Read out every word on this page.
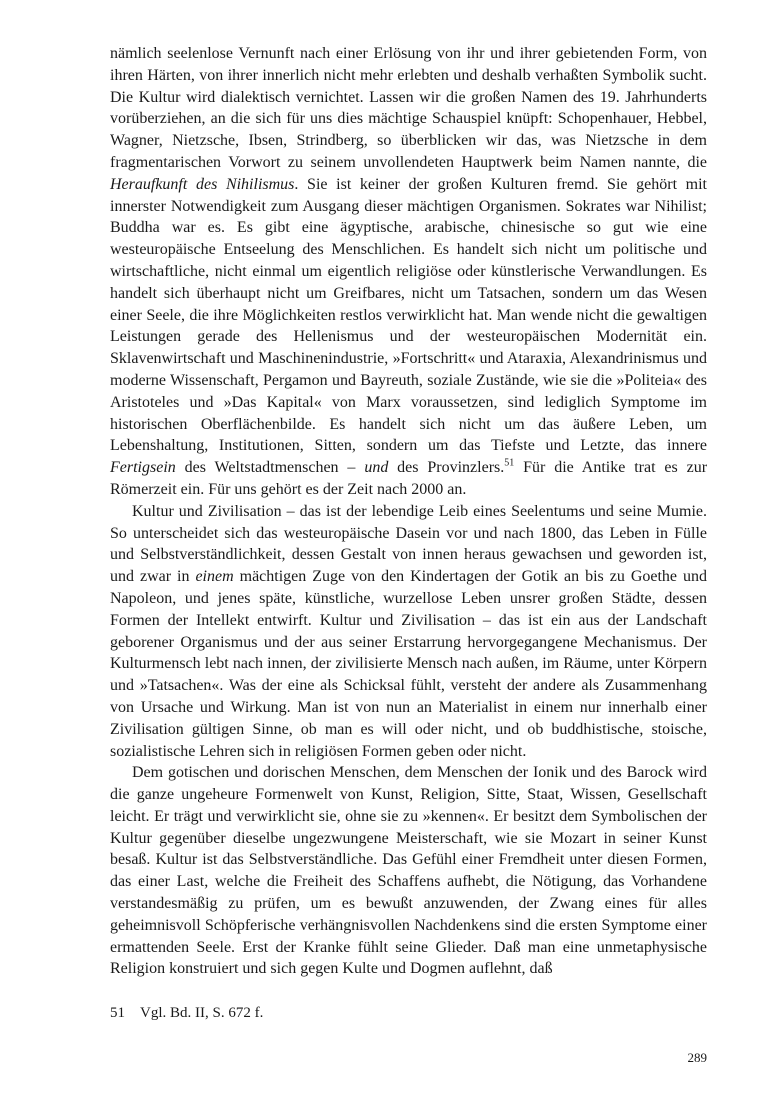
nämlich seelenlose Vernunft nach einer Erlösung von ihr und ihrer gebietenden Form, von ihren Härten, von ihrer innerlich nicht mehr erlebten und deshalb verhaßten Symbolik sucht. Die Kultur wird dialektisch vernichtet. Lassen wir die großen Namen des 19. Jahrhunderts vorüberziehen, an die sich für uns dies mächtige Schauspiel knüpft: Schopenhauer, Hebbel, Wagner, Nietzsche, Ibsen, Strindberg, so überblicken wir das, was Nietzsche in dem fragmentarischen Vorwort zu seinem unvollendeten Hauptwerk beim Namen nannte, die Heraufkunft des Nihilismus. Sie ist keiner der großen Kulturen fremd. Sie gehört mit innerster Notwendigkeit zum Ausgang dieser mächtigen Organismen. Sokrates war Nihilist; Buddha war es. Es gibt eine ägyptische, arabische, chinesische so gut wie eine westeuropäische Entseelung des Menschlichen. Es handelt sich nicht um politische und wirtschaftliche, nicht einmal um eigentlich religiöse oder künstlerische Verwandlungen. Es handelt sich überhaupt nicht um Greifbares, nicht um Tatsachen, sondern um das Wesen einer Seele, die ihre Möglichkeiten restlos verwirklicht hat. Man wende nicht die gewaltigen Leistungen gerade des Hellenismus und der westeuropäischen Modernität ein. Sklavenwirtschaft und Maschinenindustrie, »Fortschritt« und Ataraxia, Alexandrinismus und moderne Wissenschaft, Pergamon und Bayreuth, soziale Zustände, wie sie die »Politeia« des Aristoteles und »Das Kapital« von Marx voraussetzen, sind lediglich Symptome im historischen Oberflächenbilde. Es handelt sich nicht um das äußere Leben, um Lebenshaltung, Institutionen, Sitten, sondern um das Tiefste und Letzte, das innere Fertigsein des Weltstadtmenschen – und des Provinzlers.$^{51}$ Für die Antike trat es zur Römerzeit ein. Für uns gehört es der Zeit nach 2000 an.

Kultur und Zivilisation – das ist der lebendige Leib eines Seelentums und seine Mumie. So unterscheidet sich das westeuropäische Dasein vor und nach 1800, das Leben in Fülle und Selbstverständlichkeit, dessen Gestalt von innen heraus gewachsen und geworden ist, und zwar in einem mächtigen Zuge von den Kindertagen der Gotik an bis zu Goethe und Napoleon, und jenes späte, künstliche, wurzellose Leben unsrer großen Städte, dessen Formen der Intellekt entwirft. Kultur und Zivilisation – das ist ein aus der Landschaft geborener Organismus und der aus seiner Erstarrung hervorgegangene Mechanismus. Der Kulturmensch lebt nach innen, der zivilisierte Mensch nach außen, im Räume, unter Körpern und »Tatsachen«. Was der eine als Schicksal fühlt, versteht der andere als Zusammenhang von Ursache und Wirkung. Man ist von nun an Materialist in einem nur innerhalb einer Zivilisation gültigen Sinne, ob man es will oder nicht, und ob buddhistische, stoische, sozialistische Lehren sich in religiösen Formen geben oder nicht.

Dem gotischen und dorischen Menschen, dem Menschen der Ionik und des Barock wird die ganze ungeheure Formenwelt von Kunst, Religion, Sitte, Staat, Wissen, Gesellschaft leicht. Er trägt und verwirklicht sie, ohne sie zu »kennen«. Er besitzt dem Symbolischen der Kultur gegenüber dieselbe ungezwungene Meisterschaft, wie sie Mozart in seiner Kunst besaß. Kultur ist das Selbstverständliche. Das Gefühl einer Fremdheit unter diesen Formen, das einer Last, welche die Freiheit des Schaffens aufhebt, die Nötigung, das Vorhandene verstandesmäßig zu prüfen, um es bewußt anzuwenden, der Zwang eines für alles geheimnisvoll Schöpferische verhängnisvollen Nachdenkens sind die ersten Symptome einer ermattenden Seele. Erst der Kranke fühlt seine Glieder. Daß man eine unmetaphysische Religion konstruiert und sich gegen Kulte und Dogmen auflehnt, daß

51 Vgl. Bd. II, S. 672 f.
289
